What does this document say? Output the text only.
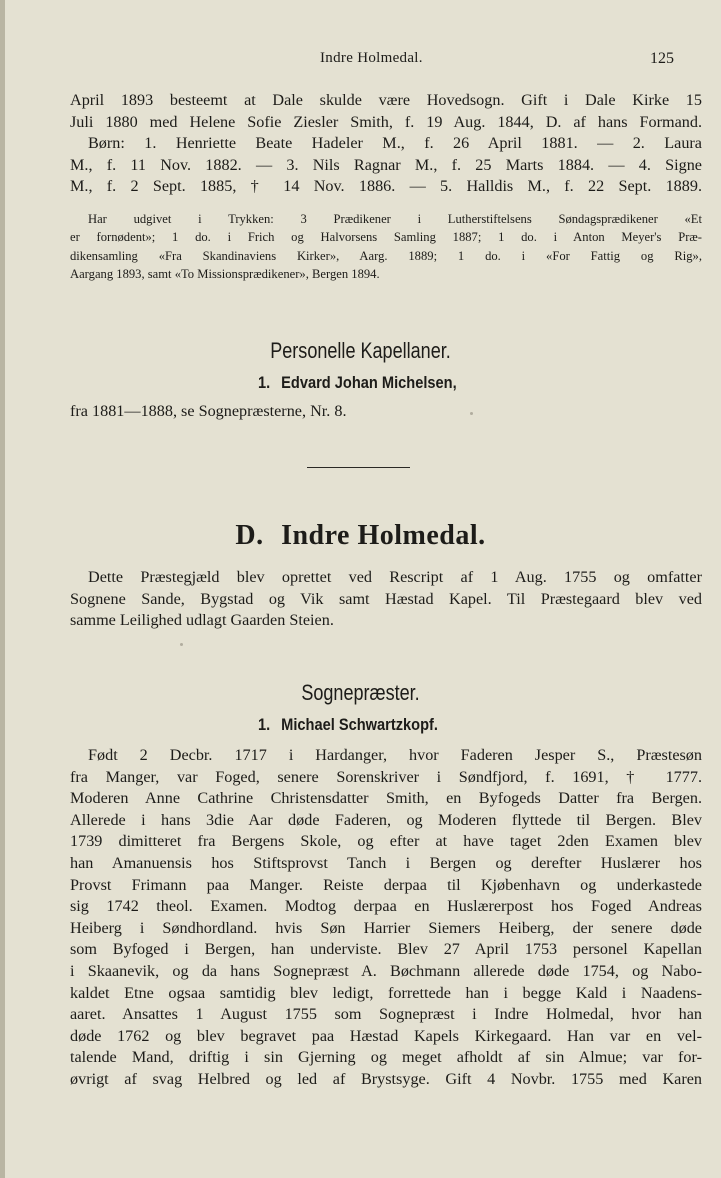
Indre Holmedal.	125
April 1893 besteemt at Dale skulde være Hovedsogn. Gift i Dale Kirke 15
Juli 1880 med Helene Sofie Ziesler Smith, f. 19 Aug. 1844, D. af hans Formand.
Børn: 1. Henriette Beate Hadeler M., f. 26 April 1881. — 2. Laura
M., f. 11 Nov. 1882. — 3. Nils Ragnar M., f. 25 Marts 1884. — 4. Signe
M., f. 2 Sept. 1885, † 14 Nov. 1886. — 5. Halldis M., f. 22 Sept. 1889.
Har udgivet i Trykken: 3 Prædikener i Lutherstiftelsens Søndagsprædikener «Et
er fornødent»; 1 do. i Frich og Halvorsens Samling 1887; 1 do. i Anton Meyer's Præ-
dikensamling «Fra Skandinaviens Kirker», Aarg. 1889; 1 do. i «For Fattig og Rig»,
Aargang 1893, samt «To Missionsprædikener», Bergen 1894.
Personelle Kapellaner.
1. Edvard Johan Michelsen,
fra 1881—1888, se Sognepræsterne, Nr. 8.
D. Indre Holmedal.
Dette Præstegjæld blev oprettet ved Rescript af 1 Aug. 1755 og omfatter
Sognene Sande, Bygstad og Vik samt Hæstad Kapel. Til Præstegaard blev ved
samme Leilighed udlagt Gaarden Steien.
Sognepræster.
1. Michael Schwartzkopf.
Født 2 Decbr. 1717 i Hardanger, hvor Faderen Jesper S., Præstesøn
fra Manger, var Foged, senere Sorenskriver i Søndfjord, f. 1691, † 1777.
Moderen Anne Cathrine Christensdatter Smith, en Byfogeds Datter fra Bergen.
Allerede i hans 3die Aar døde Faderen, og Moderen flyttede til Bergen. Blev
1739 dimitteret fra Bergens Skole, og efter at have taget 2den Examen blev
han Amanuensis hos Stiftsprovst Tanch i Bergen og derefter Huslærer hos
Provst Frimann paa Manger. Reiste derpaa til Kjøbenhavn og underkastede
sig 1742 theol. Examen. Modtog derpaa en Huslærerpost hos Foged Andreas
Heiberg i Søndhordland. hvis Søn Harrier Siemers Heiberg, der senere døde
som Byfoged i Bergen, han underviste. Blev 27 April 1753 personel Kapellan
i Skaanevik, og da hans Sognepræst A. Bøchmann allerede døde 1754, og Nabo-
kaldet Etne ogsaa samtidig blev ledigt, forrettede han i begge Kald i Naadens-
aaret. Ansattes 1 August 1755 som Sognepræst i Indre Holmedal, hvor han
døde 1762 og blev begravet paa Hæstad Kapels Kirkegaard. Han var en vel-
talende Mand, driftig i sin Gjerning og meget afholdt af sin Almue; var for-
øvrigt af svag Helbred og led af Brystsyge. Gift 4 Novbr. 1755 med Karen
